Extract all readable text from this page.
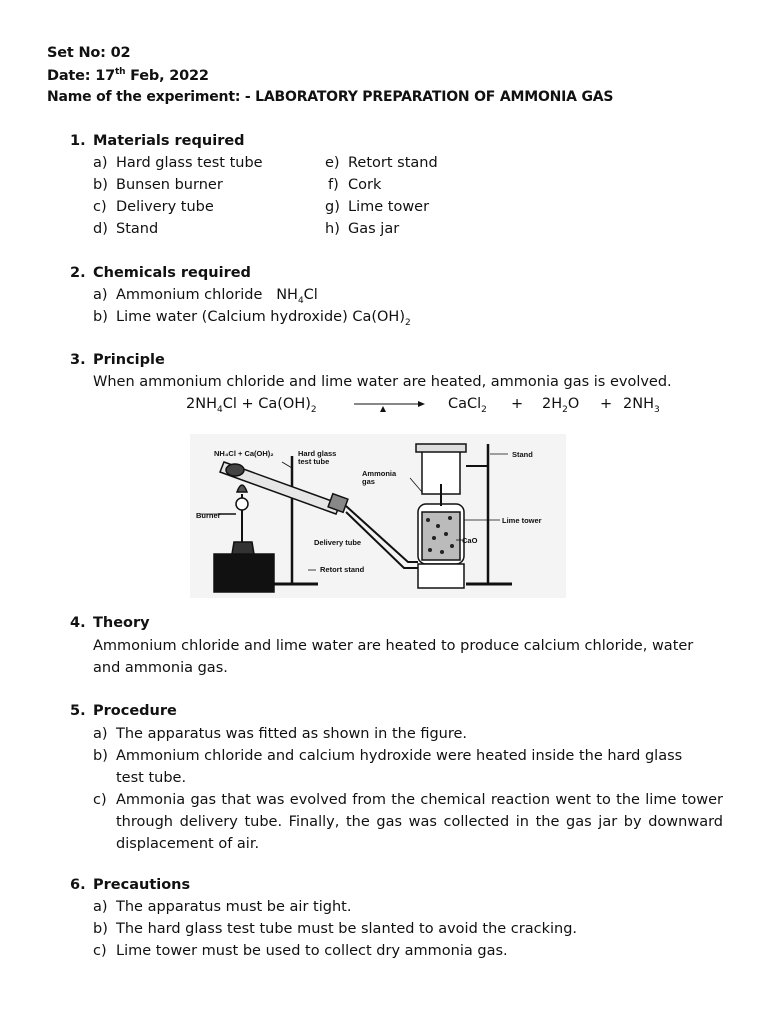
Set No: 02
Date: 17th Feb, 2022
Name of the experiment: - LABORATORY PREPARATION OF AMMONIA GAS
1. Materials required
a) Hard glass test tube
b) Bunsen burner
c) Delivery tube
d) Stand
e) Retort stand
f) Cork
g) Lime tower
h) Gas jar
2. Chemicals required
a) Ammonium chloride $NH_4Cl$
b) Lime water (Calcium hydroxide) $Ca(OH)_2$
3. Principle
When ammonium chloride and lime water are heated, ammonia gas is evolved.
$2NH_4Cl + Ca(OH)_2$	CaCl$_2$ + $2H_2O + 2NH_3$
NH₄Cl + Ca(OH)₂	Hard glass
test tube
Ammonia
gas
Stand
Burner
Lime tower
Delivery tube	CaO
Retort stand
4. Theory
Ammonium chloride and lime water are heated to produce calcium chloride, water and ammonia gas.
5. Procedure
a) The apparatus was fitted as shown in the figure.
b) Ammonium chloride and calcium hydroxide were heated inside the hard glass test tube.
c) Ammonia gas that was evolved from the chemical reaction went to the lime tower through delivery tube. Finally, the gas was collected in the gas jar by downward displacement of air.
6. Precautions
a) The apparatus must be air tight.
b) The hard glass test tube must be slanted to avoid the cracking.
c) Lime tower must be used to collect dry ammonia gas.
